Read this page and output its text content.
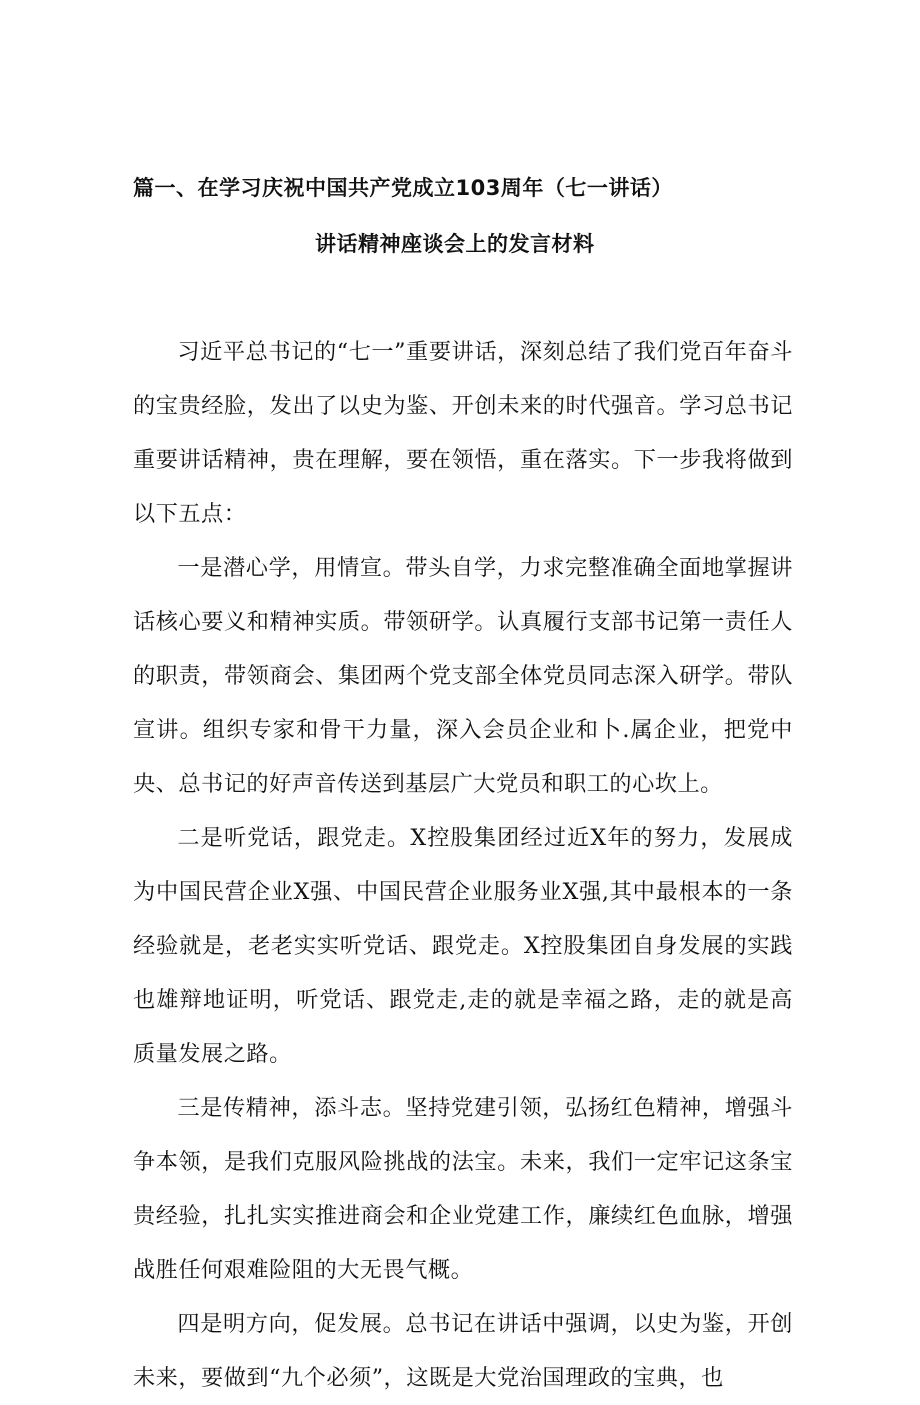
篇一、在学习庆祝中国共产党成立103周年（七一讲话）
讲话精神座谈会上的发言材料

习近平总书记的“七一”重要讲话，深刻总结了我们党百年奋斗的宝贵经脸，发出了以史为鉴、开创未来的时代强音。学习总书记重要讲话精神，贵在理解，要在领悟，重在落实。下一步我将做到以下五点：

一是潜心学，用情宣。带头自学，力求完整准确全面地掌握讲话核心要义和精神实质。带领研学。认真履行支部书记第一责任人的职责，带领商会、集团两个党支部全体党员同志深入研学。带队宣讲。组织专家和骨干力量，深入会员企业和卜.属企业，把党中央、总书记的好声音传送到基层广大党员和职工的心坎上。

二是听党话，跟党走。X控股集团经过近X年的努力，发展成为中国民营企业X强、中国民营企业服务业X强,其中最根本的一条经验就是，老老实实听党话、跟党走。X控股集团自身发展的实践也雄辩地证明，听党话、跟党走,走的就是幸福之路，走的就是高质量发展之路。

三是传精神，添斗志。坚持党建引领，弘扬红色精神，增强斗争本领，是我们克服风险挑战的法宝。未来，我们一定牢记这条宝贵经验，扎扎实实推进商会和企业党建工作，廉续红色血脉，增强战胜任何艰难险阻的大无畏气概。

四是明方向，促发展。总书记在讲话中强调，以史为鉴，开创未来，要做到“九个必须”，这既是大党治国理政的宝典，也
